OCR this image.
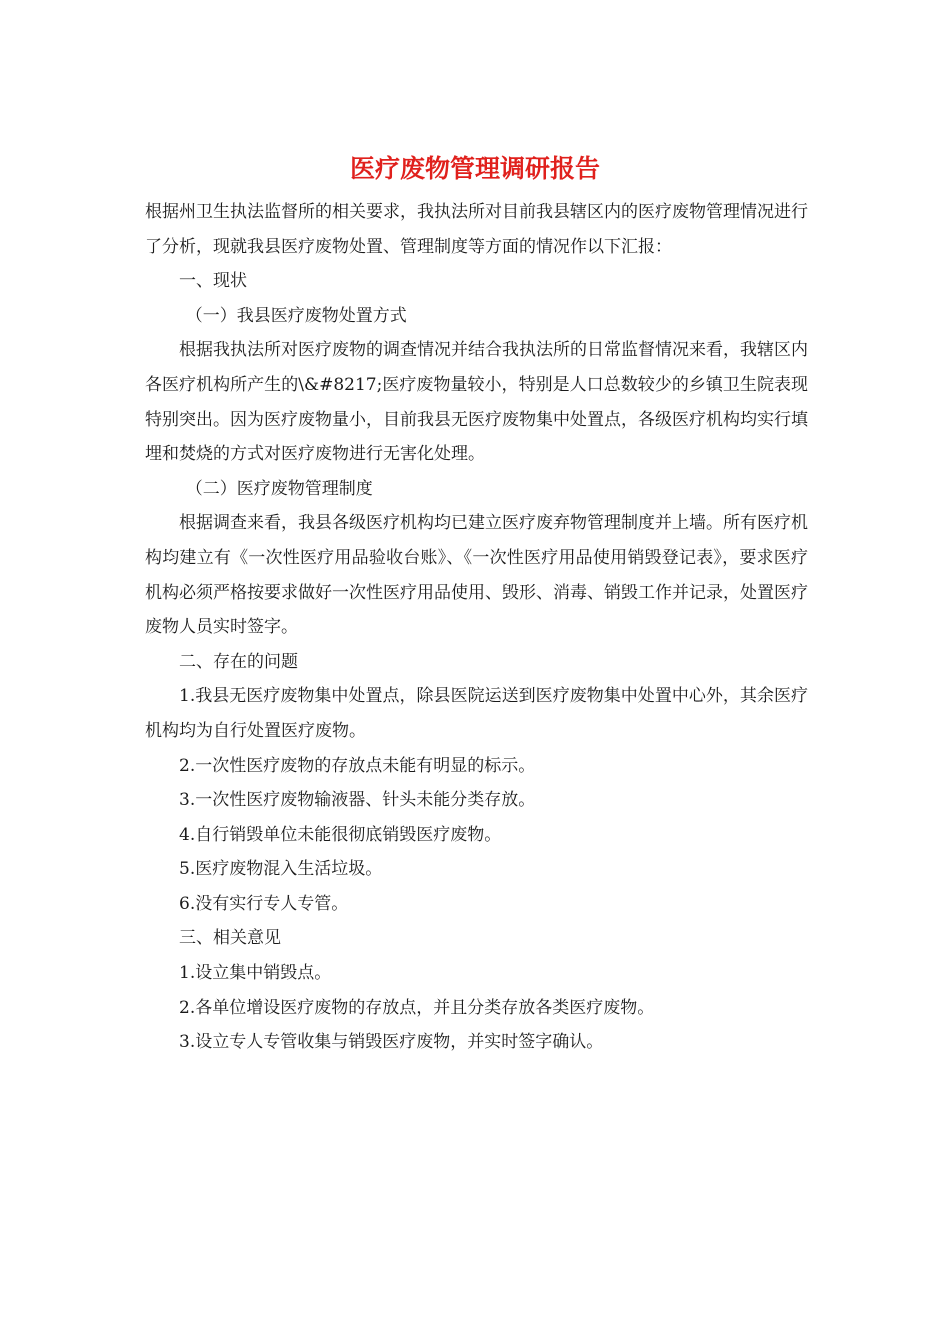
医疗废物管理调研报告

根据州卫生执法监督所的相关要求，我执法所对目前我县辖区内的医疗废物管理情况进行了分析，现就我县医疗废物处置、管理制度等方面的情况作以下汇报：

一、现状

（一）我县医疗废物处置方式

根据我执法所对医疗废物的调查情况并结合我执法所的日常监督情况来看，我辖区内各医疗机构所产生的\&#8217;医疗废物量较小，特别是人口总数较少的乡镇卫生院表现特别突出。因为医疗废物量小，目前我县无医疗废物集中处置点，各级医疗机构均实行填埋和焚烧的方式对医疗废物进行无害化处理。

（二）医疗废物管理制度

根据调查来看，我县各级医疗机构均已建立医疗废弃物管理制度并上墙。所有医疗机构均建立有《一次性医疗用品验收台账》、《一次性医疗用品使用销毁登记表》，要求医疗机构必须严格按要求做好一次性医疗用品使用、毁形、消毒、销毁工作并记录，处置医疗废物人员实时签字。

二、存在的问题

1.我县无医疗废物集中处置点，除县医院运送到医疗废物集中处置中心外，其余医疗机构均为自行处置医疗废物。

2.一次性医疗废物的存放点未能有明显的标示。

3.一次性医疗废物输液器、针头未能分类存放。

4.自行销毁单位未能很彻底销毁医疗废物。

5.医疗废物混入生活垃圾。

6.没有实行专人专管。

三、相关意见

1.设立集中销毁点。

2.各单位增设医疗废物的存放点，并且分类存放各类医疗废物。

3.设立专人专管收集与销毁医疗废物，并实时签字确认。
